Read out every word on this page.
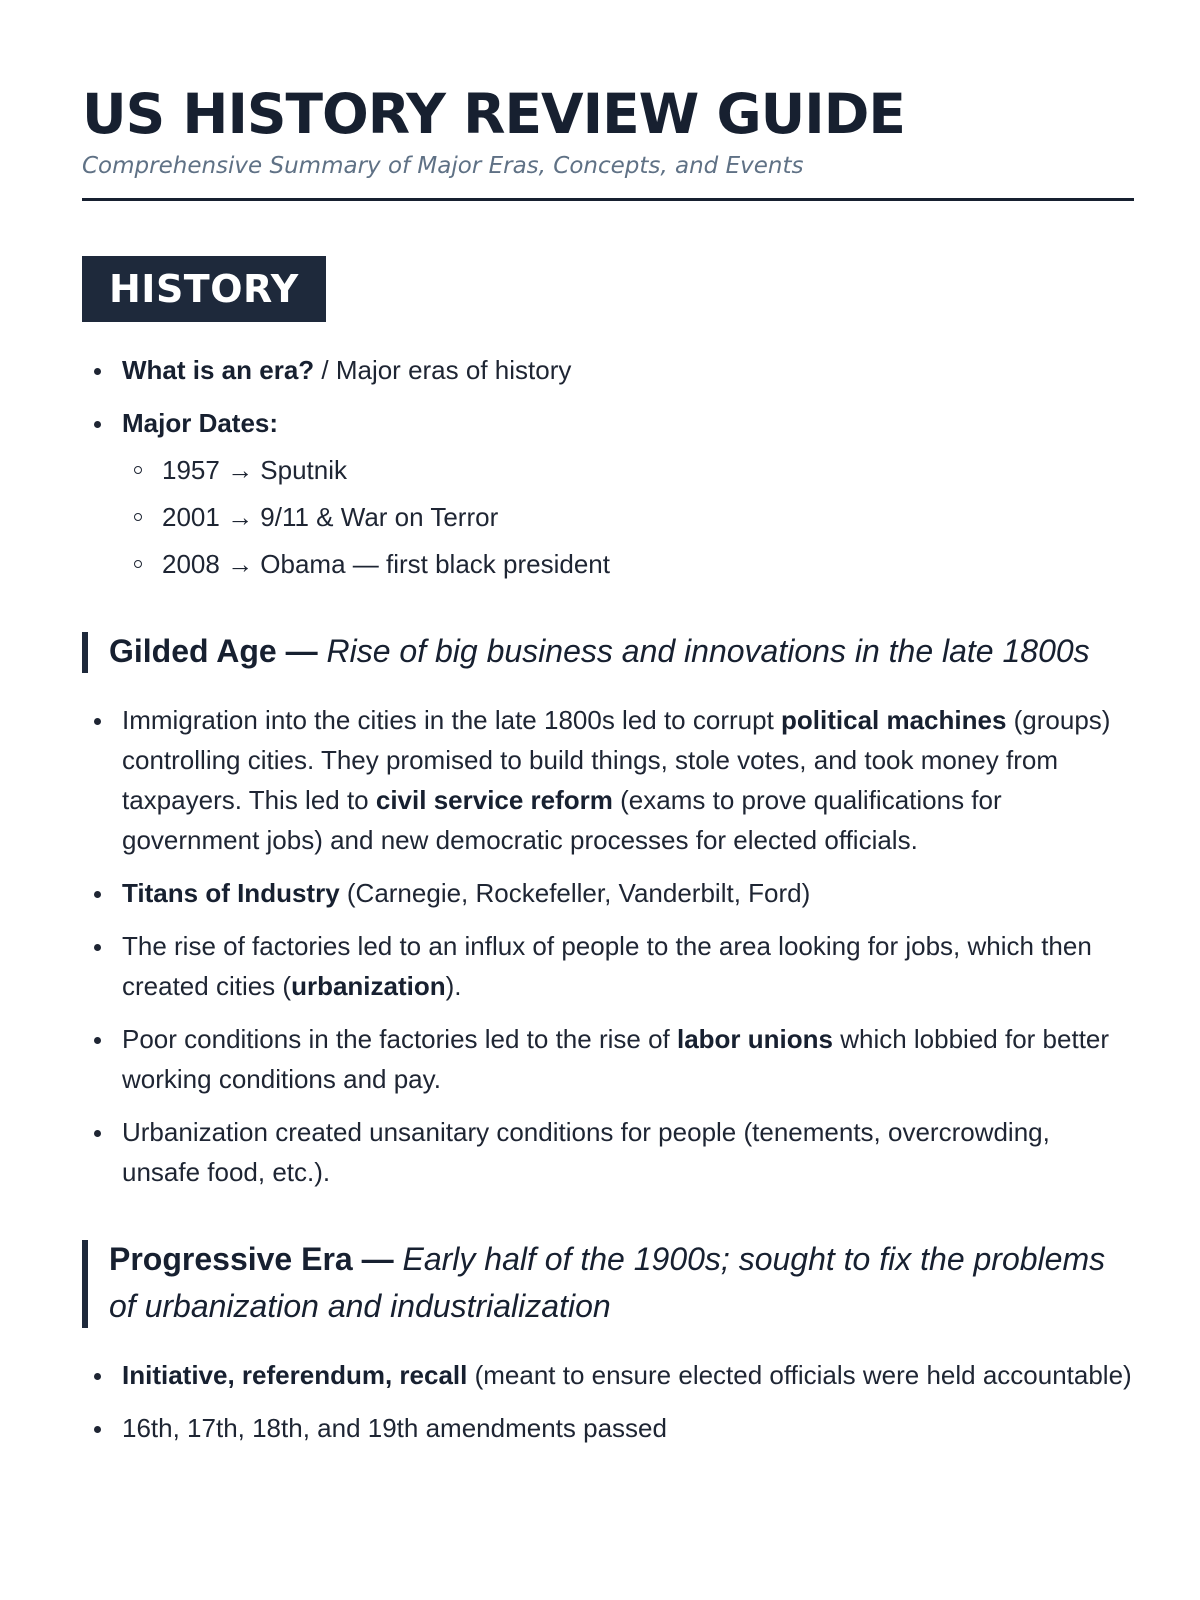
US HISTORY REVIEW GUIDE
Comprehensive Summary of Major Eras, Concepts, and Events
HISTORY
What is an era? / Major eras of history
Major Dates:
1957 → Sputnik
2001 → 9/11 & War on Terror
2008 → Obama — first black president
Gilded Age — Rise of big business and innovations in the late 1800s
Immigration into the cities in the late 1800s led to corrupt political machines (groups) controlling cities. They promised to build things, stole votes, and took money from taxpayers. This led to civil service reform (exams to prove qualifications for government jobs) and new democratic processes for elected officials.
Titans of Industry (Carnegie, Rockefeller, Vanderbilt, Ford)
The rise of factories led to an influx of people to the area looking for jobs, which then created cities (urbanization).
Poor conditions in the factories led to the rise of labor unions which lobbied for better working conditions and pay.
Urbanization created unsanitary conditions for people (tenements, overcrowding, unsafe food, etc.).
Progressive Era — Early half of the 1900s; sought to fix the problems of urbanization and industrialization
Initiative, referendum, recall (meant to ensure elected officials were held accountable)
16th, 17th, 18th, and 19th amendments passed
